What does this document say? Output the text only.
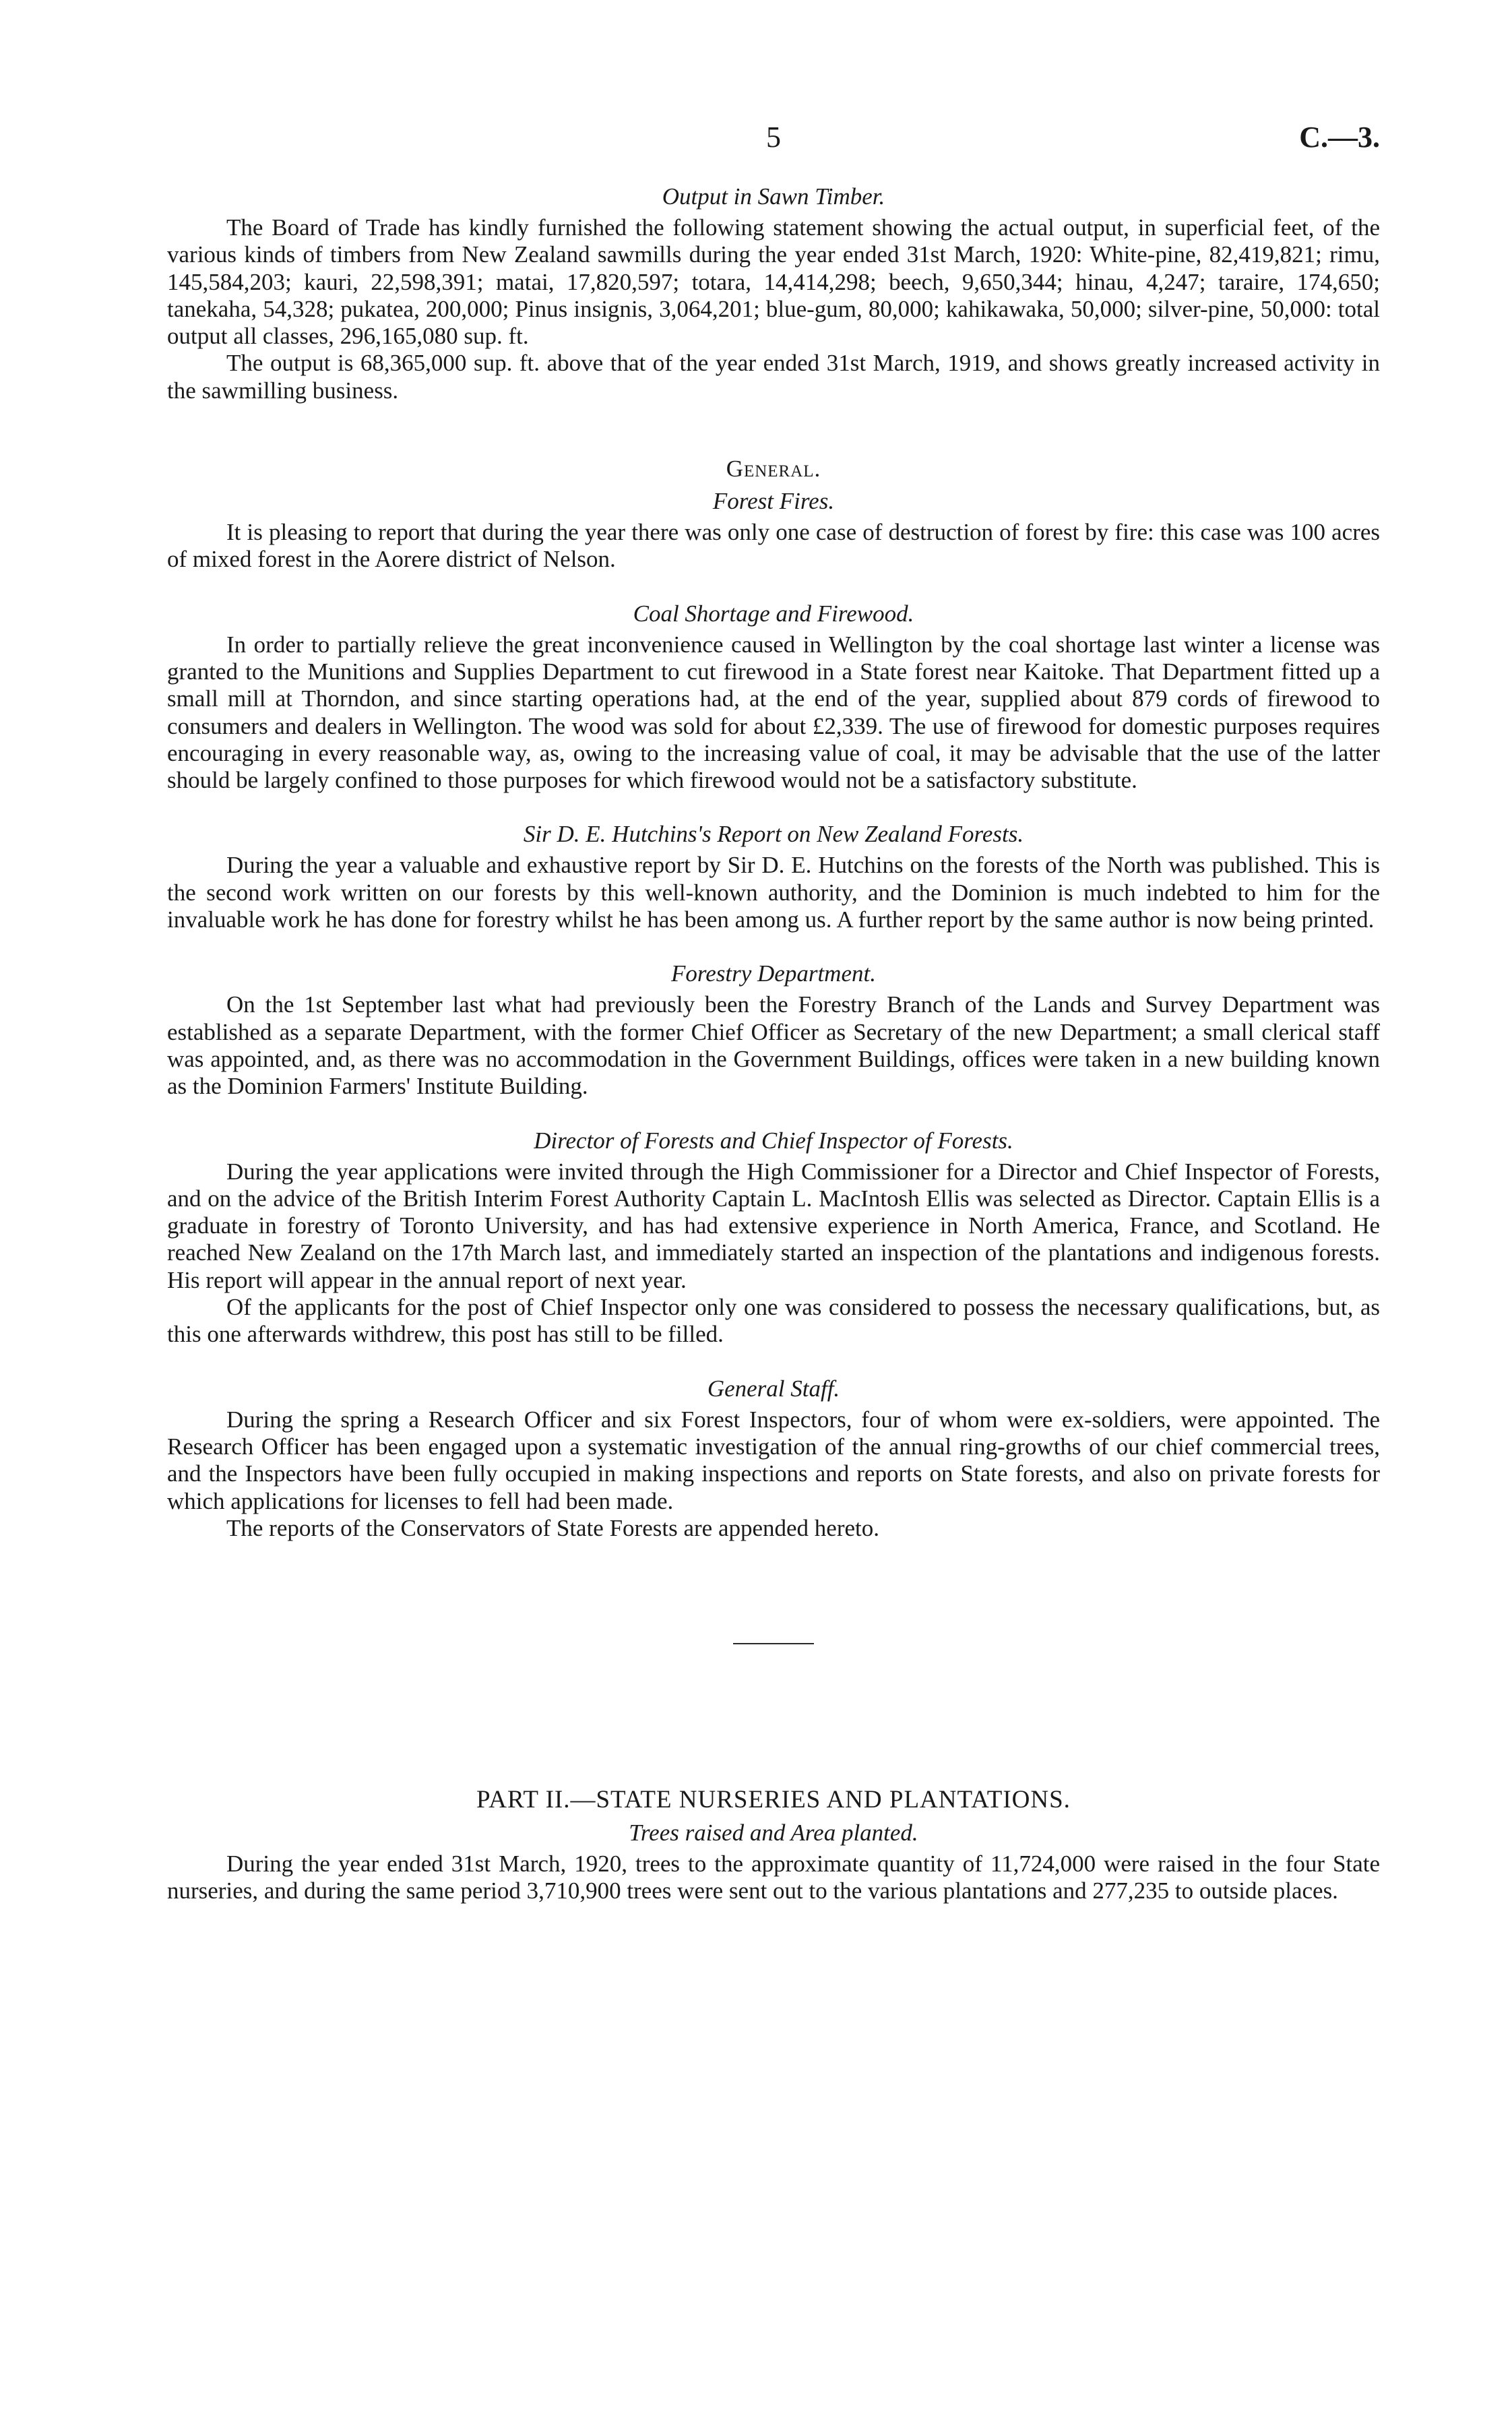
5	C.—3.
Output in Sawn Timber.

The Board of Trade has kindly furnished the following statement showing the actual output, in superficial feet, of the various kinds of timbers from New Zealand sawmills during the year ended 31st March, 1920: White-pine, 82,419,821; rimu, 145,584,203; kauri, 22,598,391; matai, 17,820,597; totara, 14,414,298; beech, 9,650,344; hinau, 4,247; taraire, 174,650; tanekaha, 54,328; pukatea, 200,000; Pinus insignis, 3,064,201; blue-gum, 80,000; kahikawaka, 50,000; silver-pine, 50,000: total output all classes, 296,165,080 sup. ft.

The output is 68,365,000 sup. ft. above that of the year ended 31st March, 1919, and shows greatly increased activity in the sawmilling business.

General.
Forest Fires.

It is pleasing to report that during the year there was only one case of destruction of forest by fire: this case was 100 acres of mixed forest in the Aorere district of Nelson.

Coal Shortage and Firewood.

In order to partially relieve the great inconvenience caused in Wellington by the coal shortage last winter a license was granted to the Munitions and Supplies Department to cut firewood in a State forest near Kaitoke. That Department fitted up a small mill at Thorndon, and since starting operations had, at the end of the year, supplied about 879 cords of firewood to consumers and dealers in Wellington. The wood was sold for about £2,339. The use of firewood for domestic purposes requires encouraging in every reasonable way, as, owing to the increasing value of coal, it may be advisable that the use of the latter should be largely confined to those purposes for which firewood would not be a satisfactory substitute.

Sir D. E. Hutchins's Report on New Zealand Forests.

During the year a valuable and exhaustive report by Sir D. E. Hutchins on the forests of the North was published. This is the second work written on our forests by this well-known authority, and the Dominion is much indebted to him for the invaluable work he has done for forestry whilst he has been among us. A further report by the same author is now being printed.

Forestry Department.

On the 1st September last what had previously been the Forestry Branch of the Lands and Survey Department was established as a separate Department, with the former Chief Officer as Secretary of the new Department; a small clerical staff was appointed, and, as there was no accommodation in the Government Buildings, offices were taken in a new building known as the Dominion Farmers' Institute Building.

Director of Forests and Chief Inspector of Forests.

During the year applications were invited through the High Commissioner for a Director and Chief Inspector of Forests, and on the advice of the British Interim Forest Authority Captain L. MacIntosh Ellis was selected as Director. Captain Ellis is a graduate in forestry of Toronto University, and has had extensive experience in North America, France, and Scotland. He reached New Zealand on the 17th March last, and immediately started an inspection of the plantations and indigenous forests. His report will appear in the annual report of next year.

Of the applicants for the post of Chief Inspector only one was considered to possess the necessary qualifications, but, as this one afterwards withdrew, this post has still to be filled.

General Staff.

During the spring a Research Officer and six Forest Inspectors, four of whom were ex-soldiers, were appointed. The Research Officer has been engaged upon a systematic investigation of the annual ring-growths of our chief commercial trees, and the Inspectors have been fully occupied in making inspections and reports on State forests, and also on private forests for which applications for licenses to fell had been made.

The reports of the Conservators of State Forests are appended hereto.

PART II.—STATE NURSERIES AND PLANTATIONS.
Trees raised and Area planted.

During the year ended 31st March, 1920, trees to the approximate quantity of 11,724,000 were raised in the four State nurseries, and during the same period 3,710,900 trees were sent out to the various plantations and 277,235 to outside places.
